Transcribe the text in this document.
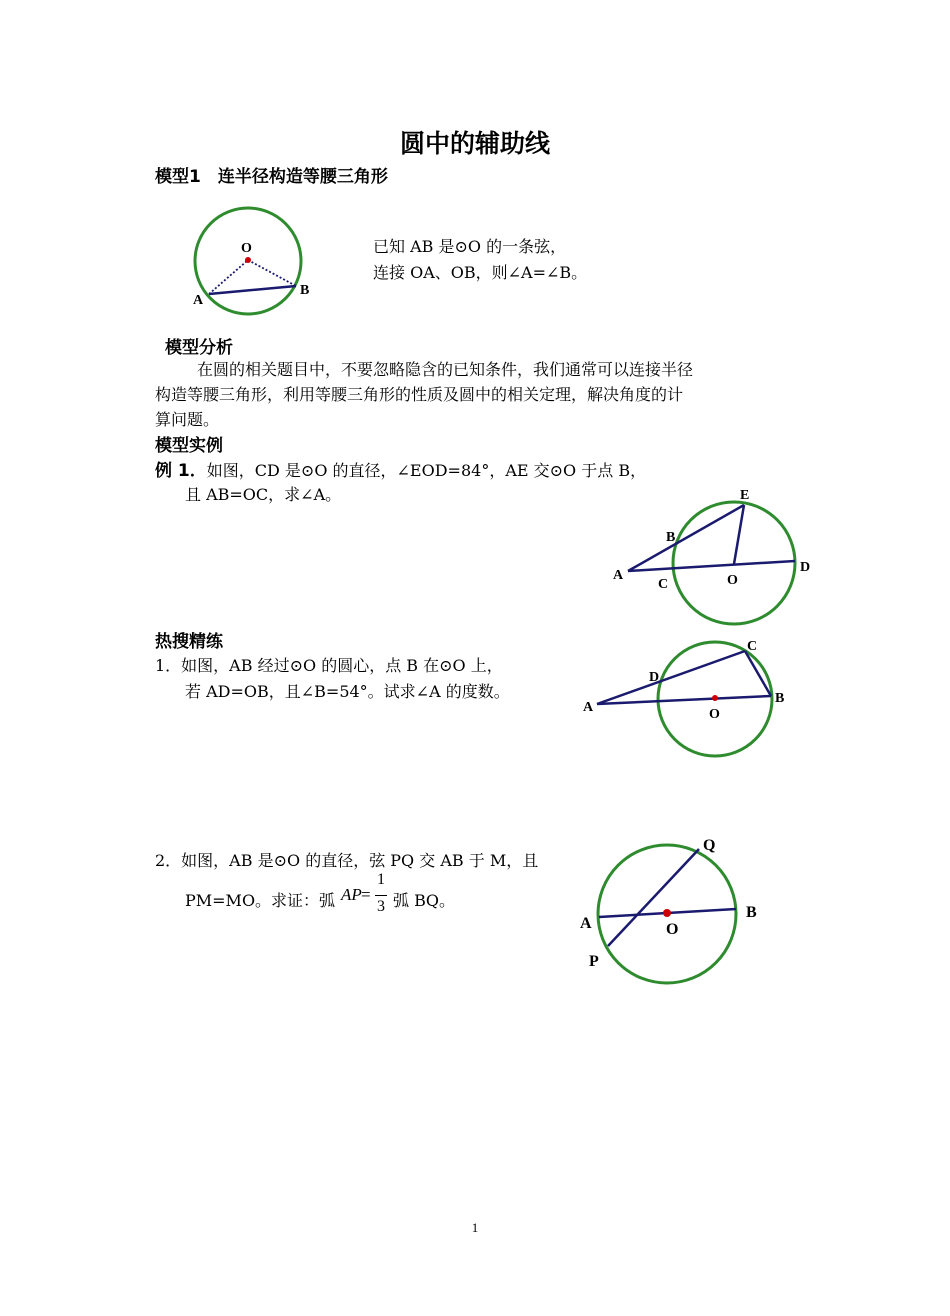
圆中的辅助线
模型1　连半径构造等腰三角形
O
A
B
已知 AB 是⊙O 的一条弦，
连接 OA、OB，则∠A=∠B。
模型分析
在圆的相关题目中，不要忽略隐含的已知条件，我们通常可以连接半径
构造等腰三角形，利用等腰三角形的性质及圆中的相关定理，解决角度的计
算问题。
模型实例
例 1．如图，CD 是⊙O 的直径，∠EOD=84°，AE 交⊙O 于点 B，
且 AB=OC，求∠A。	E
B
A
C	O
D
热搜精练
1．如图，AB 经过⊙O 的圆心，点 B 在⊙O 上，
若 AD=OB，且∠B=54°。试求∠A 的度数。
C
D
A	O
B
2．如图，AB 是⊙O 的直径，弦 PQ 交 AB 于 M，且
PM=MO。求证：弧 AP =
1
3 弧 BQ。
Q
A	O
B
P
1
